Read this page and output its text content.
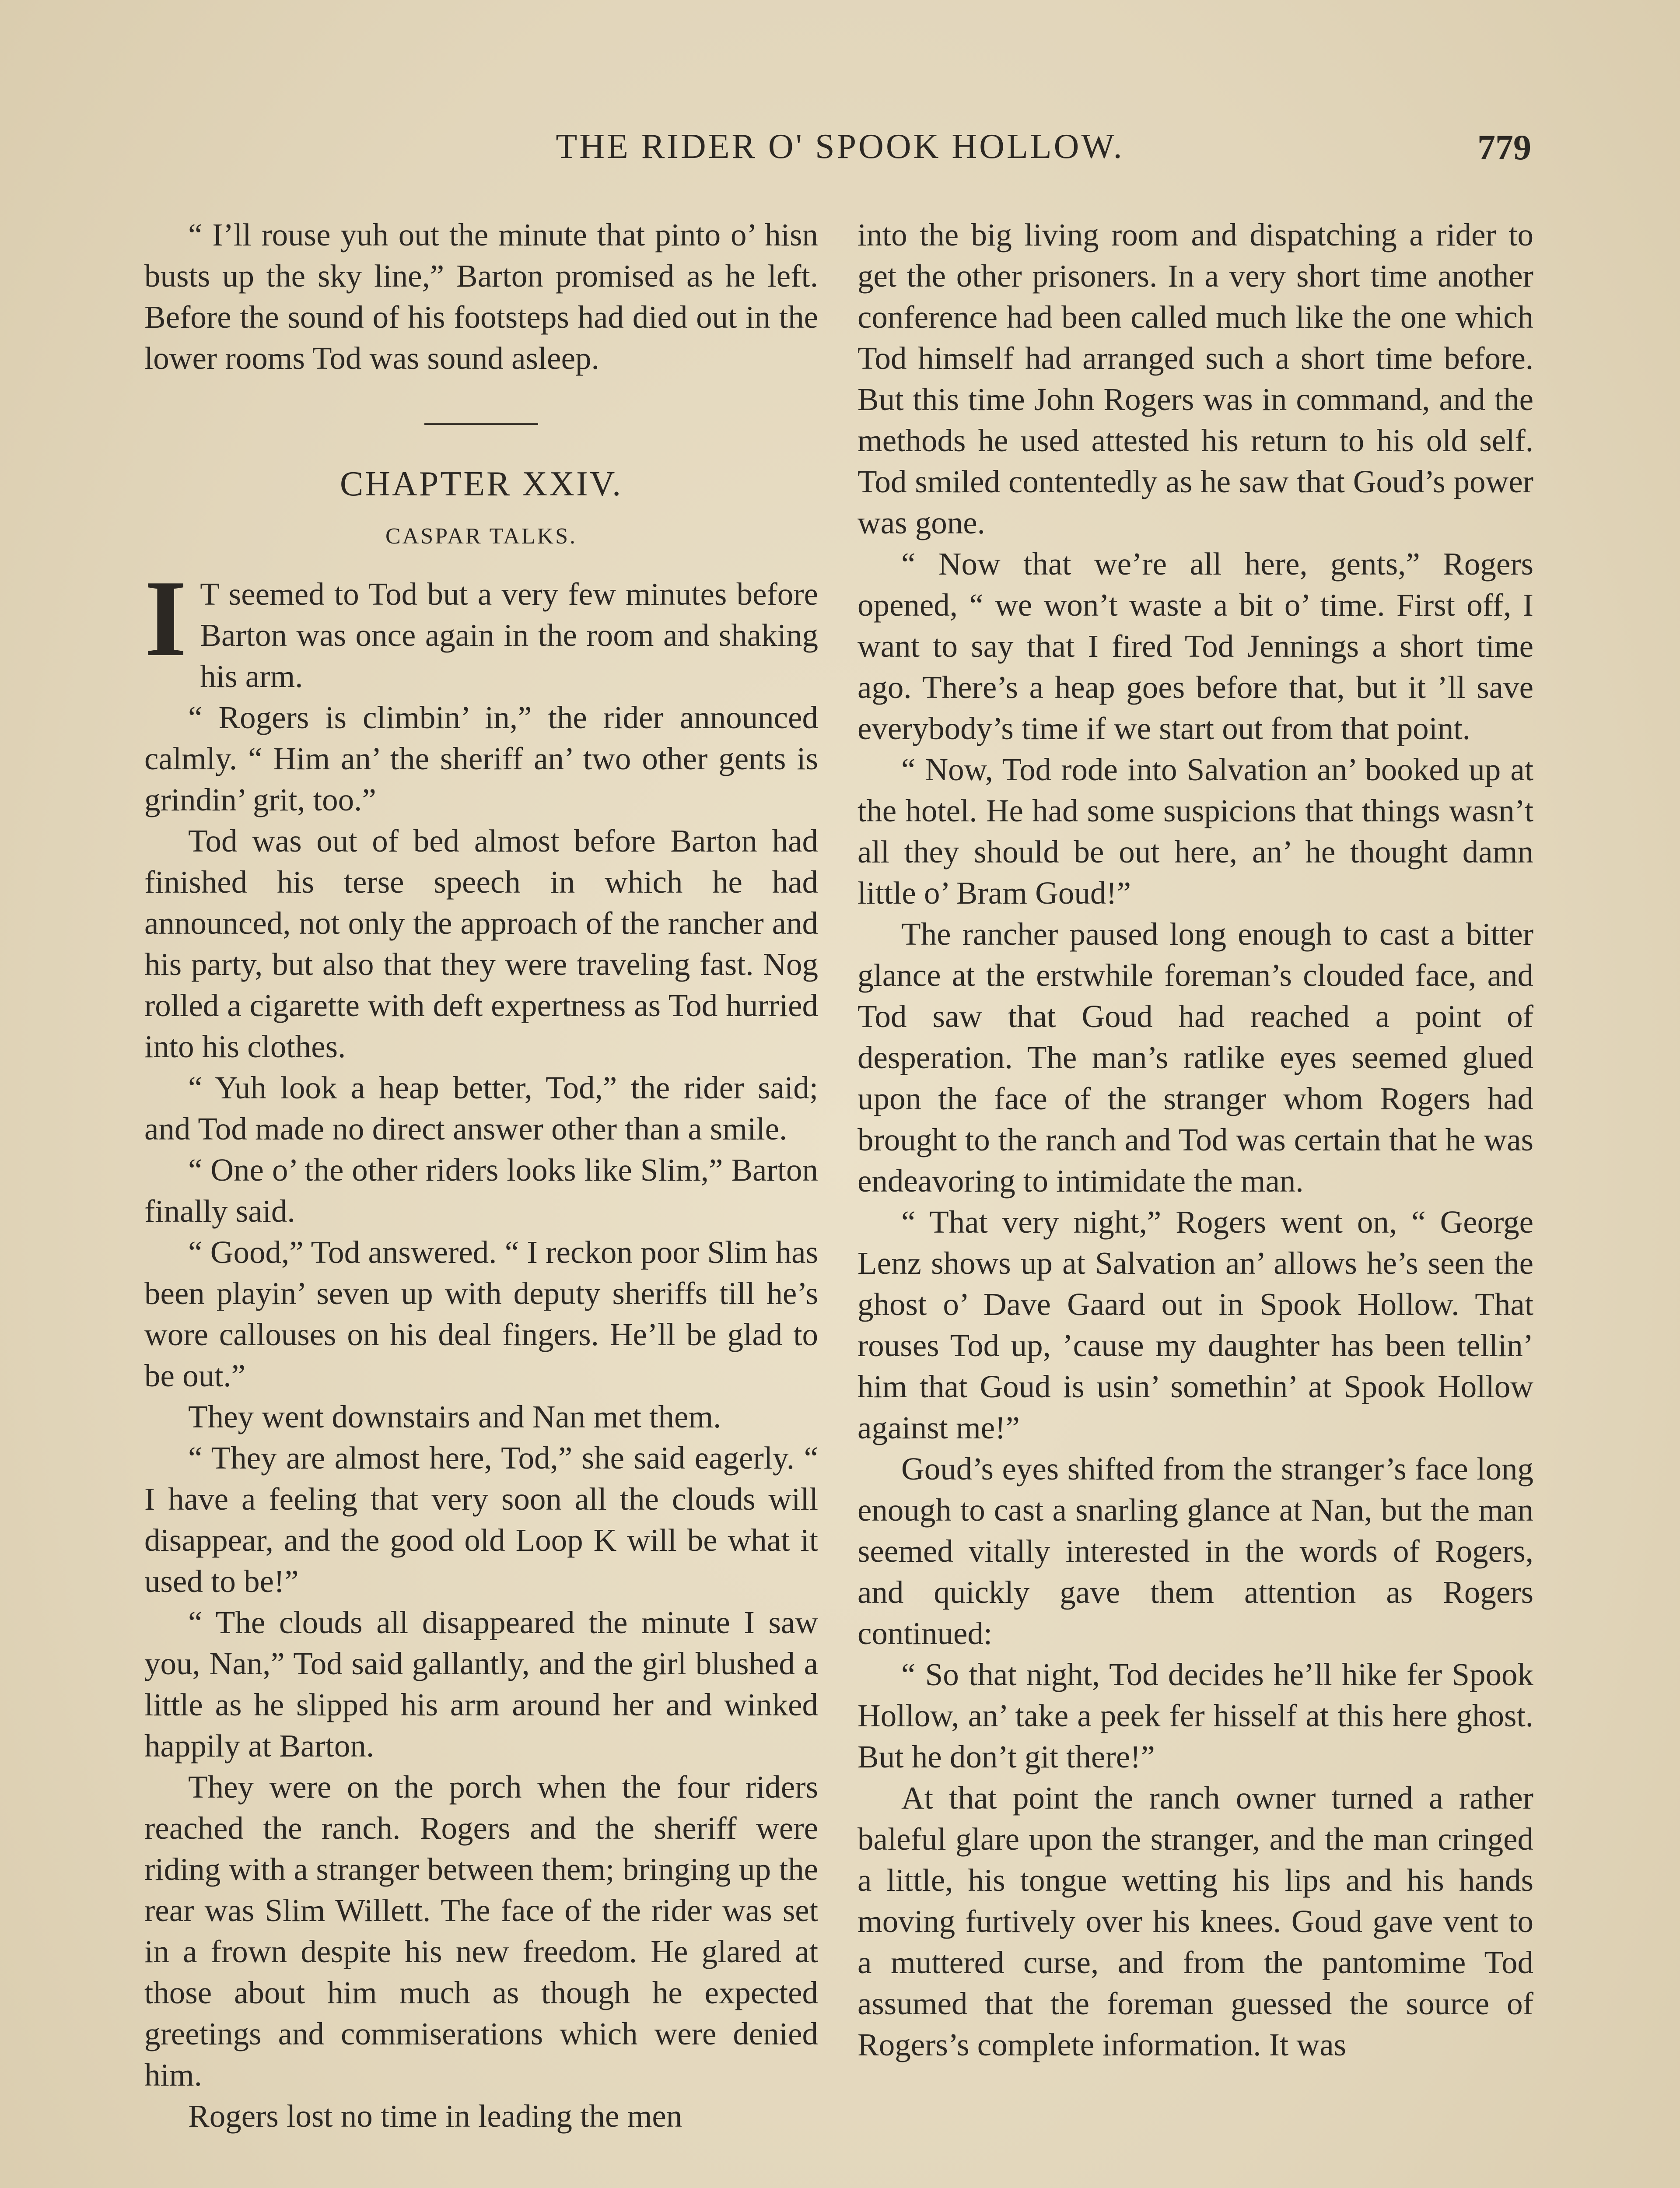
THE RIDER O' SPOOK HOLLOW.	779

“ I’ll rouse yuh out the minute that pinto o’ hisn busts up the sky line,” Barton promised as he left. Before the sound of his footsteps had died out in the lower rooms Tod was sound asleep.

CHAPTER XXIV.
CASPAR TALKS.

I T seemed to Tod but a very few minutes before Barton was once again in the room and shaking his arm.

“ Rogers is climbin’ in,” the rider announced calmly. “ Him an’ the sheriff an’ two other gents is grindin’ grit, too.”

Tod was out of bed almost before Barton had finished his terse speech in which he had announced, not only the approach of the rancher and his party, but also that they were traveling fast. Nog rolled a cigarette with deft expertness as Tod hurried into his clothes.

“ Yuh look a heap better, Tod,” the rider said; and Tod made no direct answer other than a smile.

“ One o’ the other riders looks like Slim,” Barton finally said.

“ Good,” Tod answered. “ I reckon poor Slim has been playin’ seven up with deputy sheriffs till he’s wore callouses on his deal fingers. He’ll be glad to be out.”

They went downstairs and Nan met them.

“ They are almost here, Tod,” she said eagerly. “ I have a feeling that very soon all the clouds will disappear, and the good old Loop K will be what it used to be!”

“ The clouds all disappeared the minute I saw you, Nan,” Tod said gallantly, and the girl blushed a little as he slipped his arm around her and winked happily at Barton.

They were on the porch when the four riders reached the ranch. Rogers and the sheriff were riding with a stranger between them; bringing up the rear was Slim Willett. The face of the rider was set in a frown despite his new freedom. He glared at those about him much as though he expected greetings and commiserations which were denied him.

Rogers lost no time in leading the men

into the big living room and dispatching a rider to get the other prisoners. In a very short time another conference had been called much like the one which Tod himself had arranged such a short time before. But this time John Rogers was in command, and the methods he used attested his return to his old self. Tod smiled contentedly as he saw that Goud’s power was gone.

“ Now that we’re all here, gents,” Rogers opened, “ we won’t waste a bit o’ time. First off, I want to say that I fired Tod Jennings a short time ago. There’s a heap goes before that, but it ’ll save everybody’s time if we start out from that point.

“ Now, Tod rode into Salvation an’ booked up at the hotel. He had some suspicions that things wasn’t all they should be out here, an’ he thought damn little o’ Bram Goud!”

The rancher paused long enough to cast a bitter glance at the erstwhile foreman’s clouded face, and Tod saw that Goud had reached a point of desperation. The man’s ratlike eyes seemed glued upon the face of the stranger whom Rogers had brought to the ranch and Tod was certain that he was endeavoring to intimidate the man.

“ That very night,” Rogers went on, “ George Lenz shows up at Salvation an’ allows he’s seen the ghost o’ Dave Gaard out in Spook Hollow. That rouses Tod up, ’cause my daughter has been tellin’ him that Goud is usin’ somethin’ at Spook Hollow against me!”

Goud’s eyes shifted from the stranger’s face long enough to cast a snarling glance at Nan, but the man seemed vitally interested in the words of Rogers, and quickly gave them attention as Rogers continued:

“ So that night, Tod decides he’ll hike fer Spook Hollow, an’ take a peek fer hisself at this here ghost. But he don’t git there!”

At that point the ranch owner turned a rather baleful glare upon the stranger, and the man cringed a little, his tongue wetting his lips and his hands moving furtively over his knees. Goud gave vent to a muttered curse, and from the pantomime Tod assumed that the foreman guessed the source of Rogers’s complete information. It was
